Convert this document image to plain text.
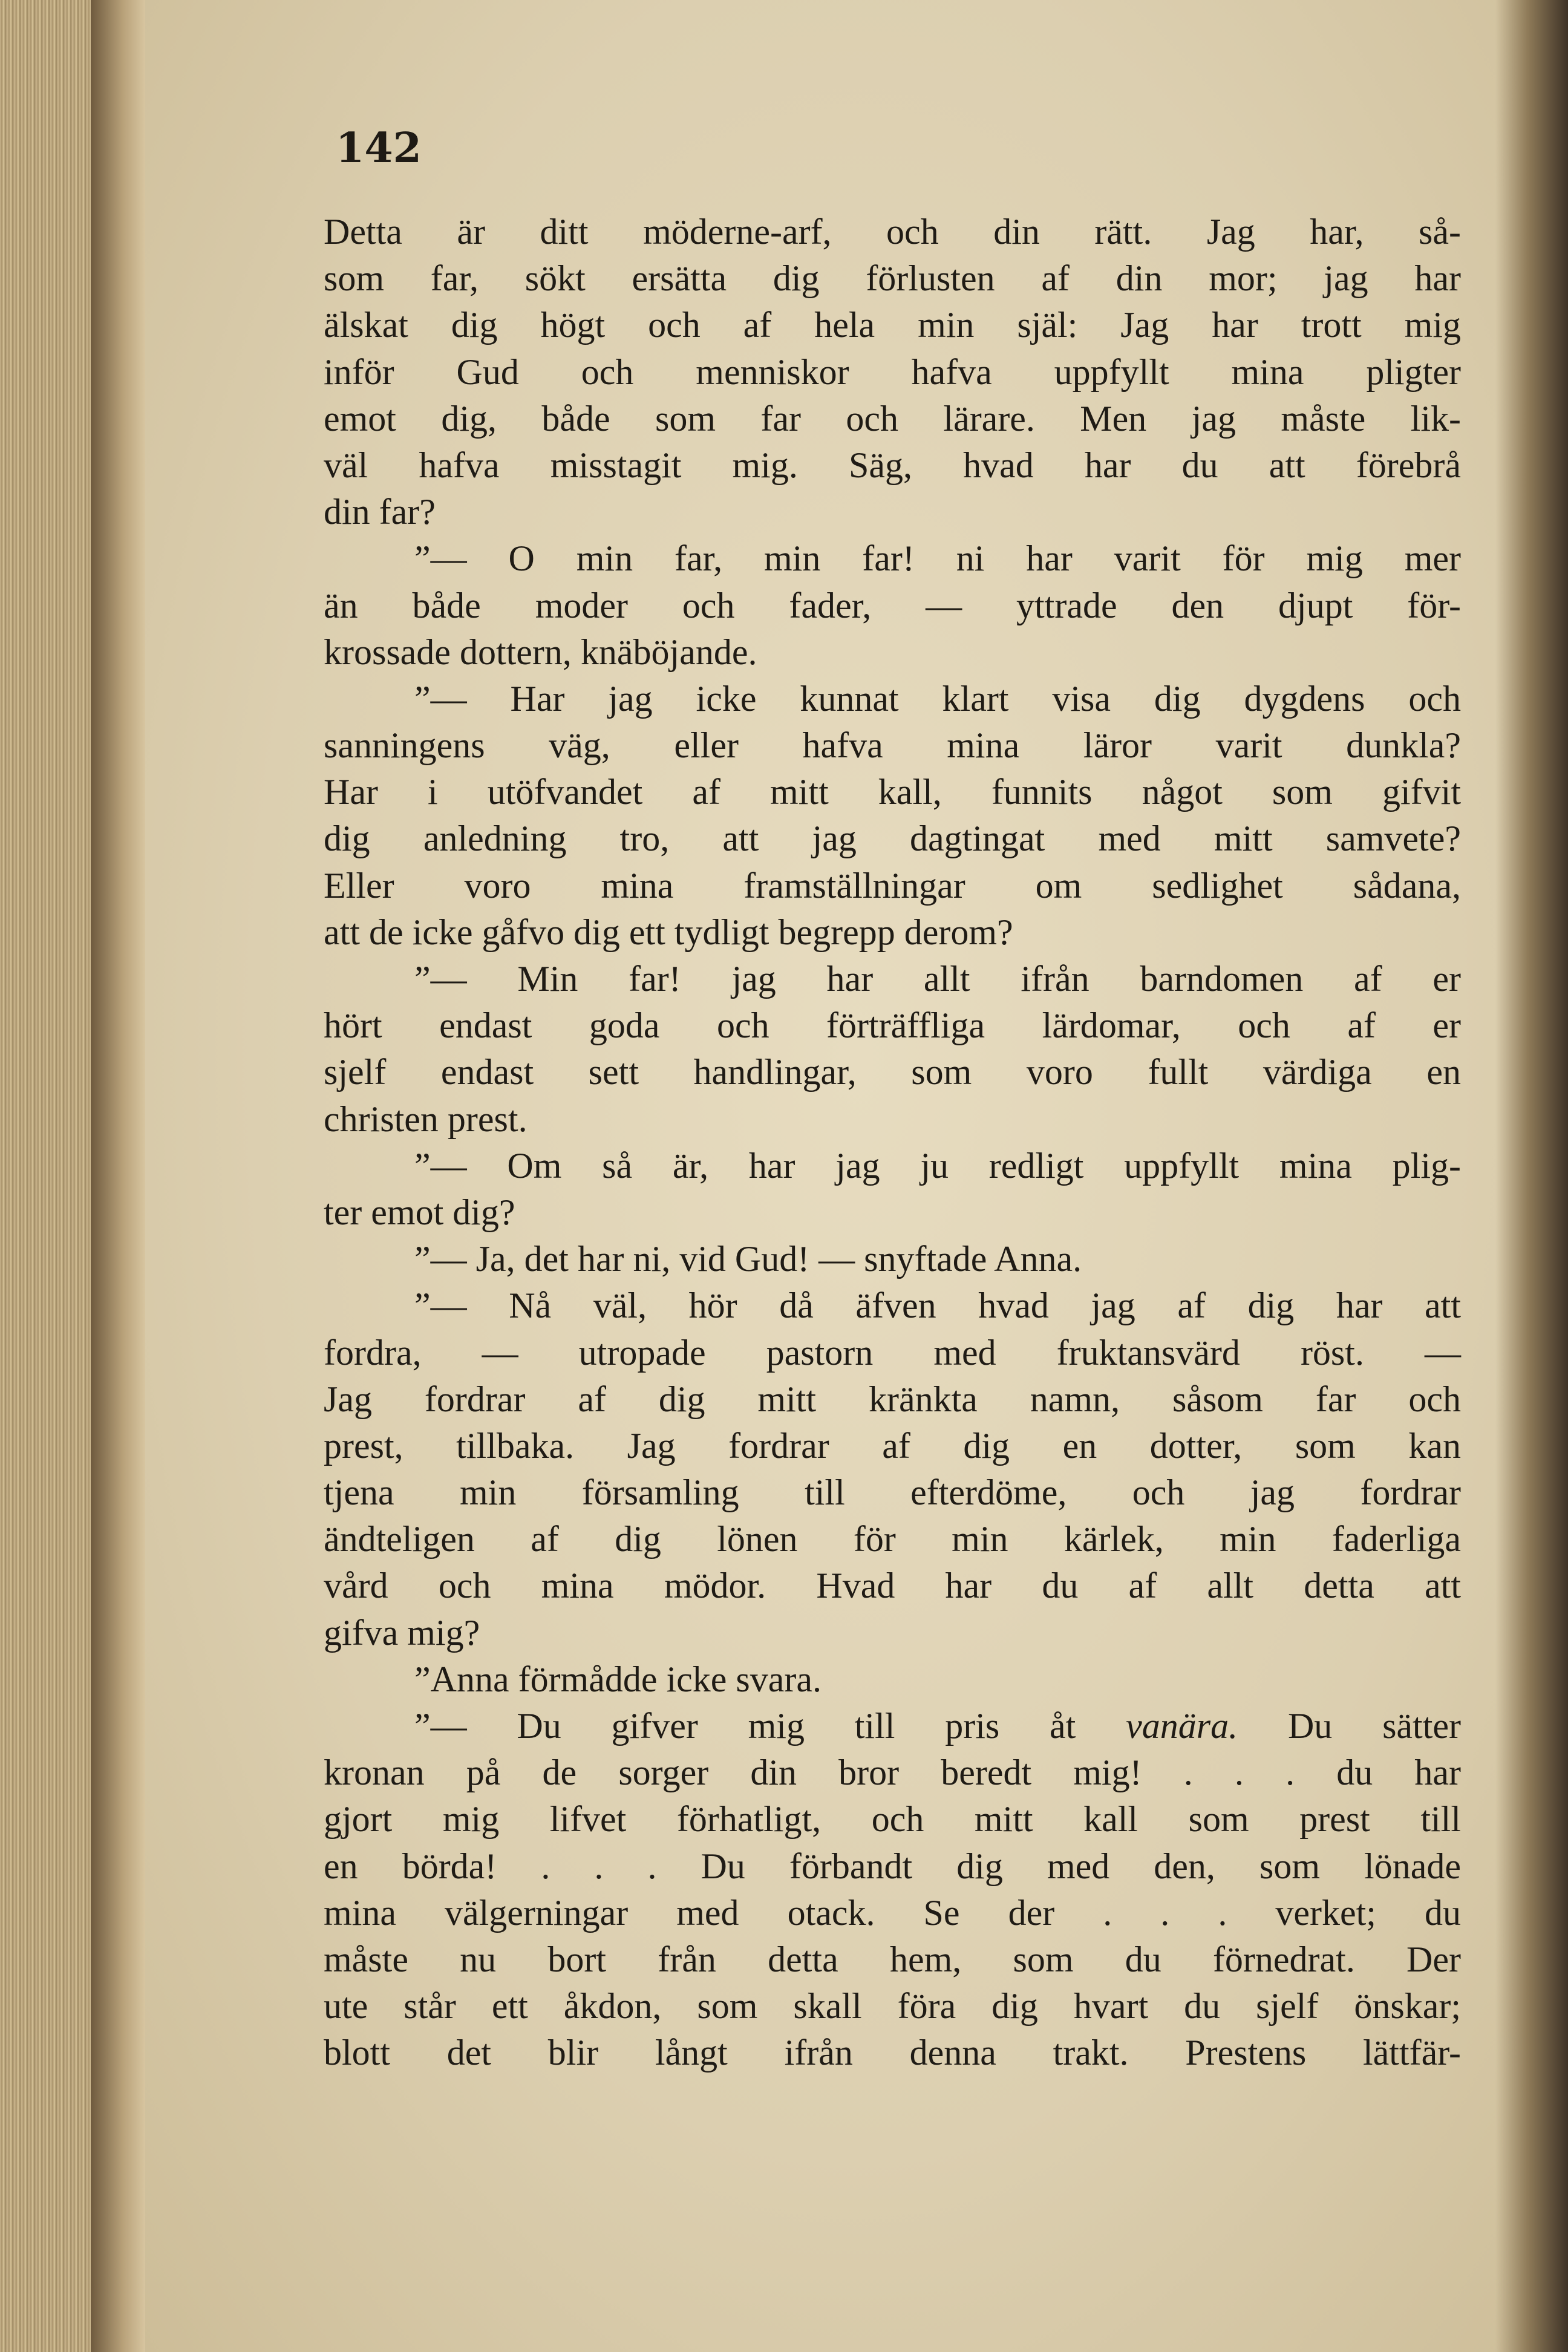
142
Detta är ditt möderne-arf, och din rätt. Jag har, så-
som far, sökt ersätta dig förlusten af din mor; jag har
älskat dig högt och af hela min själ: Jag har trott mig
inför Gud och menniskor hafva uppfyllt mina pligter
emot dig, både som far och lärare. Men jag måste lik-
väl hafva misstagit mig. Säg, hvad har du att förebrå
din far?
”— O min far, min far! ni har varit för mig mer
än både moder och fader, — yttrade den djupt för-
krossade dottern, knäböjande.
”— Har jag icke kunnat klart visa dig dygdens och
sanningens väg, eller hafva mina läror varit dunkla?
Har i utöfvandet af mitt kall, funnits något som gifvit
dig anledning tro, att jag dagtingat med mitt samvete?
Eller voro mina framställningar om sedlighet sådana,
att de icke gåfvo dig ett tydligt begrepp derom?
”— Min far! jag har allt ifrån barndomen af er
hört endast goda och förträffliga lärdomar, och af er
sjelf endast sett handlingar, som voro fullt värdiga en
christen prest.
”— Om så är, har jag ju redligt uppfyllt mina plig-
ter emot dig?
”— Ja, det har ni, vid Gud! — snyftade Anna.
”— Nå väl, hör då äfven hvad jag af dig har att
fordra, — utropade pastorn med fruktansvärd röst. —
Jag fordrar af dig mitt kränkta namn, såsom far och
prest, tillbaka. Jag fordrar af dig en dotter, som kan
tjena min församling till efterdöme, och jag fordrar
ändteligen af dig lönen för min kärlek, min faderliga
vård och mina mödor. Hvad har du af allt detta att
gifva mig?
”Anna förmådde icke svara.
”— Du gifver mig till pris åt vanära. Du sätter
kronan på de sorger din bror beredt mig! . . . du har
gjort mig lifvet förhatligt, och mitt kall som prest till
en börda! . . . Du förbandt dig med den, som lönade
mina välgerningar med otack. Se der . . . verket; du
måste nu bort från detta hem, som du förnedrat. Der
ute står ett åkdon, som skall föra dig hvart du sjelf önskar;
blott det blir långt ifrån denna trakt. Prestens lättfär-
